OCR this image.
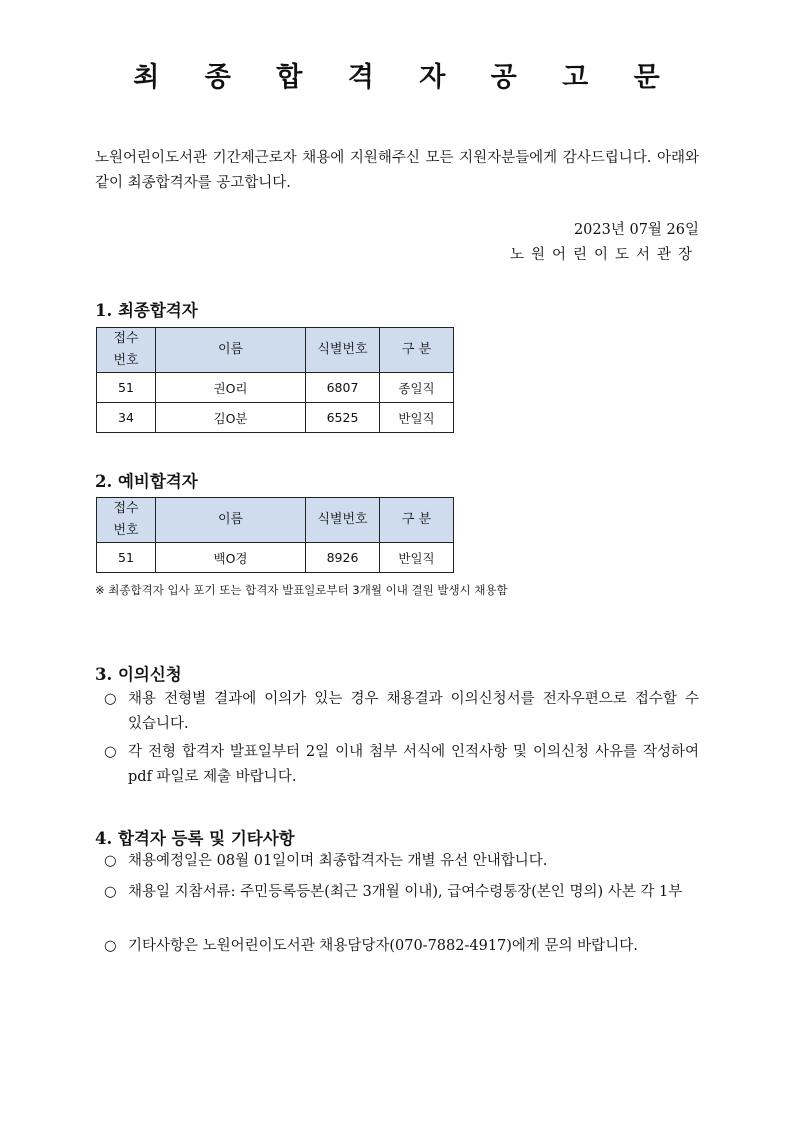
최 종 합 격 자 공 고 문
노원어린이도서관 기간제근로자 채용에 지원해주신 모든 지원자분들에게 감사드립니다. 아래와 같이 최종합격자를 공고합니다.
2023년 07월 26일
노원어린이도서관장
1. 최종합격자
접수번호	이름	식별번호	구 분
51	권O리	6807	종일직
34	김O분	6525	반일직
2. 예비합격자
접수번호	이름	식별번호	구 분
51	백O경	8926	반일직
※ 최종합격자 입사 포기 또는 합격자 발표일로부터 3개월 이내 결원 발생시 채용함
3. 이의신청
○ 채용 전형별 결과에 이의가 있는 경우 채용결과 이의신청서를 전자우편으로 접수할 수 있습니다.
○ 각 전형 합격자 발표일부터 2일 이내 첨부 서식에 인적사항 및 이의신청 사유를 작성하여 pdf 파일로 제출 바랍니다.
4. 합격자 등록 및 기타사항
○ 채용예정일은 08월 01일이며 최종합격자는 개별 유선 안내합니다.
○ 채용일 지참서류: 주민등록등본(최근 3개월 이내), 급여수령통장(본인 명의) 사본 각 1부
○ 기타사항은 노원어린이도서관 채용담당자(070-7882-4917)에게 문의 바랍니다.
